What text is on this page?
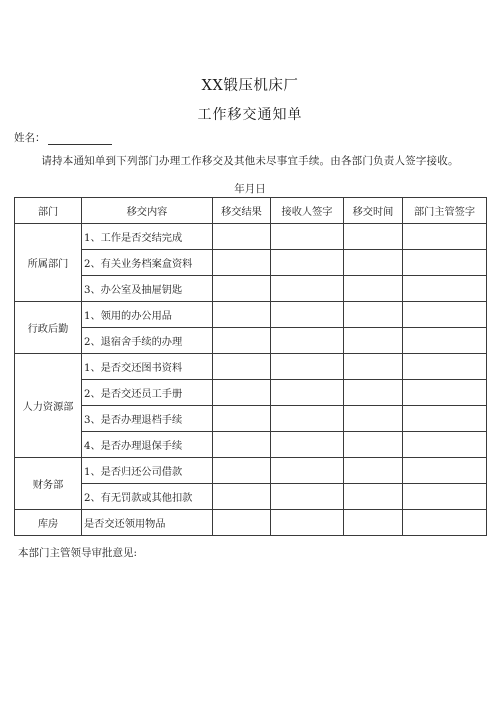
XX锻压机床厂
工作移交通知单
姓名：
请持本通知单到下列部门办理工作移交及其他未尽事宜手续。由各部门负责人签字接收。
年月日
部门	移交内容	移交结果	接收人签字	移交时间	部门主管签字
所属部门	1、工作是否交结完成				
	2、有关业务档案盒资料				
	3、办公室及抽屉钥匙				
行政后勤	1、领用的办公用品				
	2、退宿舍手续的办理				
人力资源部	1、是否交还图书资料				
	2、是否交还员工手册				
	3、是否办理退档手续				
	4、是否办理退保手续				
财务部	1、是否归还公司借款				
	2、有无罚款或其他扣款				
库房	是否交还领用物品				
本部门主管领导审批意见:
